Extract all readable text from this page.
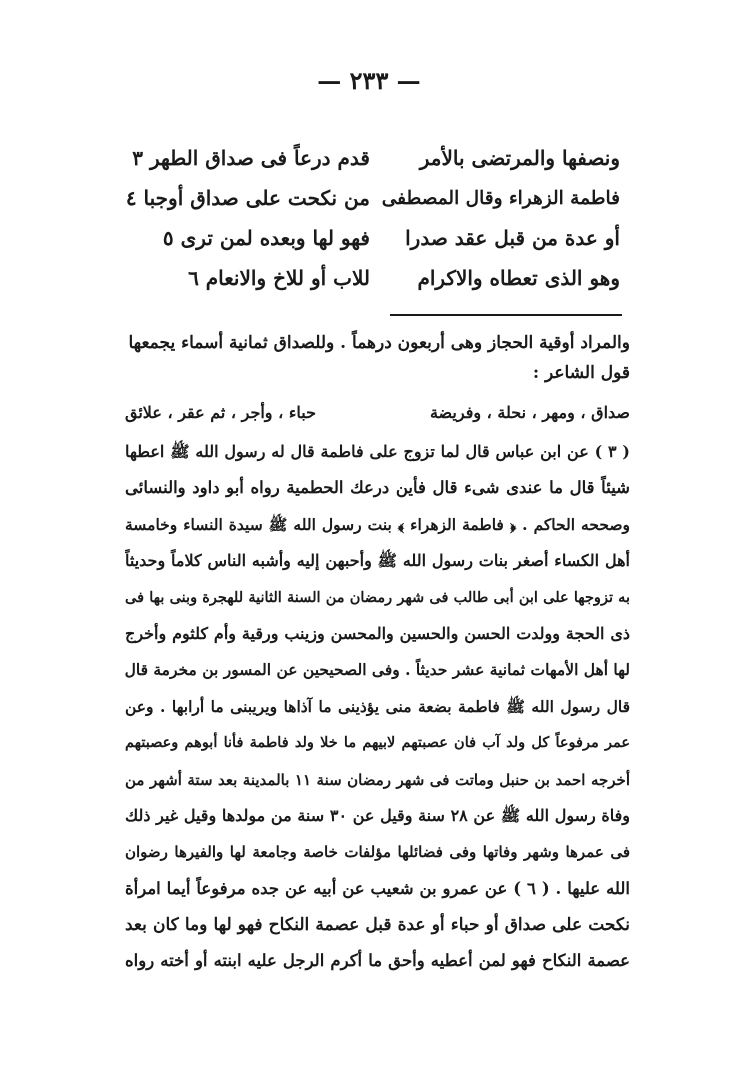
— ٢٣٣ —
ونصفها والمرتضى بالأمر
قدم درعاً فى صداق الطهر ٣
فاطمة الزهراء وقال المصطفى
من نكحت على صداق أوجبا ٤
أو عدة من قبل عقد صدرا
فهو لها وبعده لمن ترى ٥
وهو الذى تعطاه والاكرام
للاب أو للاخ والانعام ٦

والمراد أوقية الحجاز وهى أربعون درهماً . وللصداق ثمانية أسماء يجمعها

قول الشاعر :

صداق ، ومهر ، نحلة ، وفريضة
حباء ، وأجر ، ثم عقر ، علائق

( ٣ ) عن ابن عباس قال لما تزوج على فاطمة قال له رسول الله ﷺ اعطها

شيئاً قال ما عندى شىء قال فأين درعك الحطمية رواه أبو داود والنسائى

وصححه الحاكم . ﴿ فاطمة الزهراء ﴾ بنت رسول الله ﷺ سيدة النساء وخامسة

أهل الكساء أصغر بنات رسول الله ﷺ وأحبهن إليه وأشبه الناس كلاماً وحديثاً

به تزوجها على ابن أبى طالب فى شهر رمضان من السنة الثانية للهجرة وبنى بها فى

ذى الحجة وولدت الحسن والحسين والمحسن وزينب ورقية وأم كلثوم وأخرج

لها أهل الأمهات ثمانية عشر حديثاً . وفى الصحيحين عن المسور بن مخرمة قال

قال رسول الله ﷺ فاطمة بضعة منى يؤذينى ما آذاها ويريبنى ما أرابها . وعن

عمر مرفوعاً كل ولد آب فان عصبتهم لابيهم ما خلا ولد فاطمة فأنا أبوهم وعصبتهم

أخرجه احمد بن حنبل وماتت فى شهر رمضان سنة ١١ بالمدينة بعد ستة أشهر من

وفاة رسول الله ﷺ عن ٢٨ سنة وقيل عن ٣٠ سنة من مولدها وقيل غير ذلك

فى عمرها وشهر وفاتها وفى فضائلها مؤلفات خاصة وجامعة لها والفيرها رضوان

الله عليها . ( ٦ ) عن عمرو بن شعيب عن أبيه عن جده مرفوعاً أيما امرأة

نكحت على صداق أو حباء أو عدة قبل عصمة النكاح فهو لها وما كان بعد

عصمة النكاح فهو لمن أعطيه وأحق ما أكرم الرجل عليه ابنته أو أخته رواه
